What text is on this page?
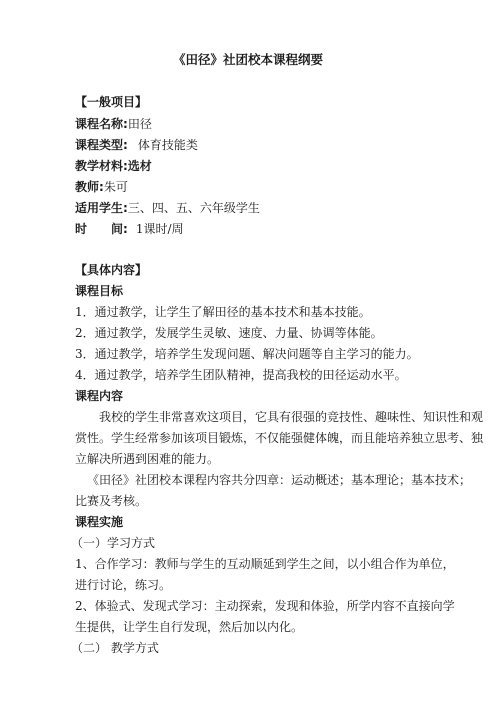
《田径》社团校本课程纲要
【一般项目】
课程名称:田径
课程类型: 体育技能类
教学材料:选材
教师:朱可
适用学生:三、四、五、六年级学生
时 间: 1课时/周
【具体内容】
课程目标
1．通过教学，让学生了解田径的基本技术和基本技能。
2．通过教学，发展学生灵敏、速度、力量、协调等体能。
3．通过教学，培养学生发现问题、解决问题等自主学习的能力。
4．通过教学，培养学生团队精神，提高我校的田径运动水平。
课程内容
我校的学生非常喜欢这项目，它具有很强的竞技性、趣味性、知识性和观
赏性。学生经常参加该项目锻炼，不仅能强健体魄，而且能培养独立思考、独
立解决所遇到困难的能力。
《田径》社团校本课程内容共分四章：运动概述；基本理论；基本技术；
比赛及考核。
课程实施
（一）学习方式
1、合作学习：教师与学生的互动顺延到学生之间，以小组合作为单位，
进行讨论，练习。
2、体验式、发现式学习：主动探索，发现和体验，所学内容不直接向学
生提供，让学生自行发现，然后加以内化。
（二） 教学方式
